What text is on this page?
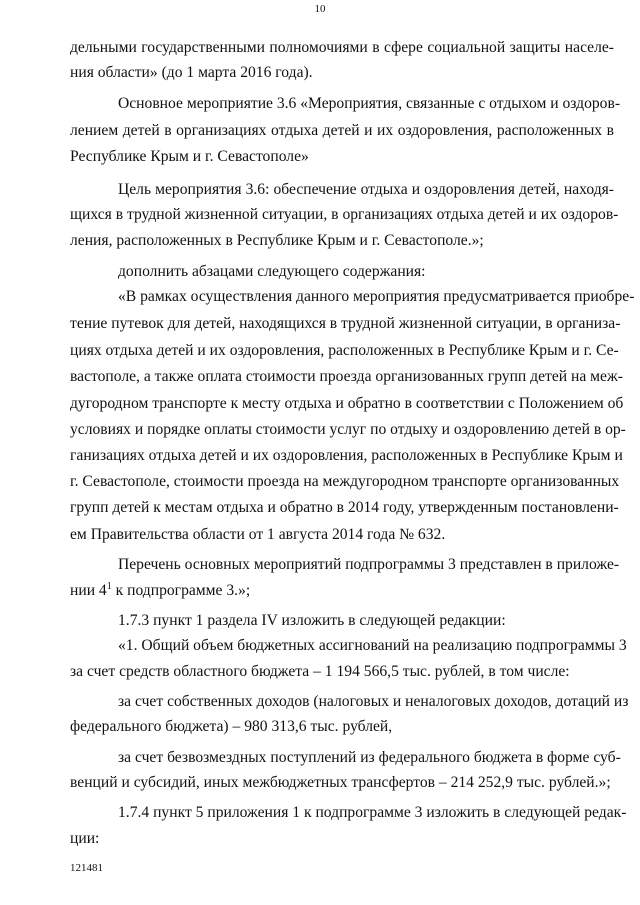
10
дельными государственными полномочиями в сфере социальной защиты населе-
ния области» (до 1 марта 2016 года).
Основное мероприятие 3.6 «Мероприятия, связанные с отдыхом и оздоров-
лением детей в организациях отдыха детей и их оздоровления, расположенных в
Республике Крым и г. Севастополе»
Цель мероприятия 3.6: обеспечение отдыха и оздоровления детей, находя-
щихся в трудной жизненной ситуации, в организациях отдыха детей и их оздоров-
ления, расположенных в Республике Крым и г. Севастополе.»;
дополнить абзацами следующего содержания:
«В рамках осуществления данного мероприятия предусматривается приобре-
тение путевок для детей, находящихся в трудной жизненной ситуации, в организа-
циях отдыха детей и их оздоровления, расположенных в Республике Крым и г. Се-
вастополе, а также оплата стоимости проезда организованных групп детей на меж-
дугородном транспорте к месту отдыха и обратно в соответствии с Положением об
условиях и порядке оплаты стоимости услуг по отдыху и оздоровлению детей в ор-
ганизациях отдыха детей и их оздоровления, расположенных в Республике Крым и
г. Севастополе, стоимости проезда на междугородном транспорте организованных
групп детей к местам отдыха и обратно в 2014 году, утвержденным постановлени-
ем Правительства области от 1 августа 2014 года № 632.
Перечень основных мероприятий подпрограммы 3 представлен в приложе-
нии $4^1$ к подпрограмме 3.»;
1.7.3 пункт 1 раздела IV изложить в следующей редакции:
«1. Общий объем бюджетных ассигнований на реализацию подпрограммы 3
за счет средств областного бюджета – 1 194 566,5 тыс. рублей, в том числе:
за счет собственных доходов (налоговых и неналоговых доходов, дотаций из
федерального бюджета) – 980 313,6 тыс. рублей,
за счет безвозмездных поступлений из федерального бюджета в форме суб-
венций и субсидий, иных межбюджетных трансфертов – 214 252,9 тыс. рублей.»;
1.7.4 пункт 5 приложения 1 к подпрограмме 3 изложить в следующей редак-
ции:
121481
